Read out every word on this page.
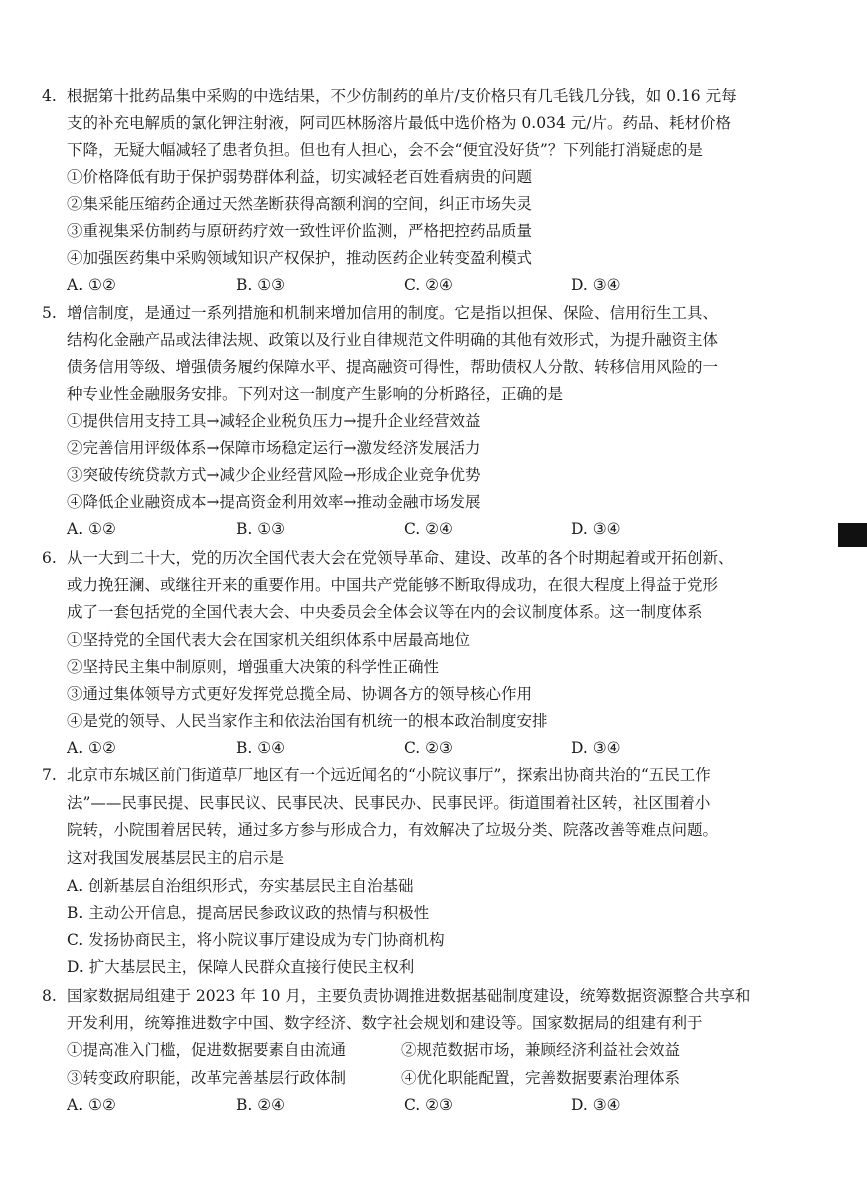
4. 根据第十批药品集中采购的中选结果，不少仿制药的单片/支价格只有几毛钱几分钱，如 0.16 元每
支的补充电解质的氯化钾注射液，阿司匹林肠溶片最低中选价格为 0.034 元/片。药品、耗材价格
下降，无疑大幅减轻了患者负担。但也有人担心，会不会“便宜没好货”？下列能打消疑虑的是
①价格降低有助于保护弱势群体利益，切实减轻老百姓看病贵的问题
②集采能压缩药企通过天然垄断获得高额利润的空间，纠正市场失灵
③重视集采仿制药与原研药疗效一致性评价监测，严格把控药品质量
④加强医药集中采购领域知识产权保护，推动医药企业转变盈利模式
A. ①②	B. ①③	C. ②④	D. ③④
5. 增信制度，是通过一系列措施和机制来增加信用的制度。它是指以担保、保险、信用衍生工具、
结构化金融产品或法律法规、政策以及行业自律规范文件明确的其他有效形式，为提升融资主体
债务信用等级、增强债务履约保障水平、提高融资可得性，帮助债权人分散、转移信用风险的一
种专业性金融服务安排。下列对这一制度产生影响的分析路径，正确的是
①提供信用支持工具→减轻企业税负压力→提升企业经营效益
②完善信用评级体系→保障市场稳定运行→激发经济发展活力
③突破传统贷款方式→减少企业经营风险→形成企业竞争优势
④降低企业融资成本→提高资金利用效率→推动金融市场发展
A. ①②	B. ①③	C. ②④	D. ③④
6. 从一大到二十大，党的历次全国代表大会在党领导革命、建设、改革的各个时期起着或开拓创新、
或力挽狂澜、或继往开来的重要作用。中国共产党能够不断取得成功，在很大程度上得益于党形
成了一套包括党的全国代表大会、中央委员会全体会议等在内的会议制度体系。这一制度体系
①坚持党的全国代表大会在国家机关组织体系中居最高地位
②坚持民主集中制原则，增强重大决策的科学性正确性
③通过集体领导方式更好发挥党总揽全局、协调各方的领导核心作用
④是党的领导、人民当家作主和依法治国有机统一的根本政治制度安排
A. ①②	B. ①④	C. ②③	D. ③④
7. 北京市东城区前门街道草厂地区有一个远近闻名的“小院议事厅”，探索出协商共治的“五民工作
法”——民事民提、民事民议、民事民决、民事民办、民事民评。街道围着社区转，社区围着小
院转，小院围着居民转，通过多方参与形成合力，有效解决了垃圾分类、院落改善等难点问题。
这对我国发展基层民主的启示是
A. 创新基层自治组织形式，夯实基层民主自治基础
B. 主动公开信息，提高居民参政议政的热情与积极性
C. 发扬协商民主，将小院议事厅建设成为专门协商机构
D. 扩大基层民主，保障人民群众直接行使民主权利
8. 国家数据局组建于 2023 年 10 月，主要负责协调推进数据基础制度建设，统筹数据资源整合共享和
开发利用，统筹推进数字中国、数字经济、数字社会规划和建设等。国家数据局的组建有利于
①提高准入门槛，促进数据要素自由流通	②规范数据市场，兼顾经济利益社会效益
③转变政府职能，改革完善基层行政体制	④优化职能配置，完善数据要素治理体系
A. ①②	B. ②④	C. ②③	D. ③④
